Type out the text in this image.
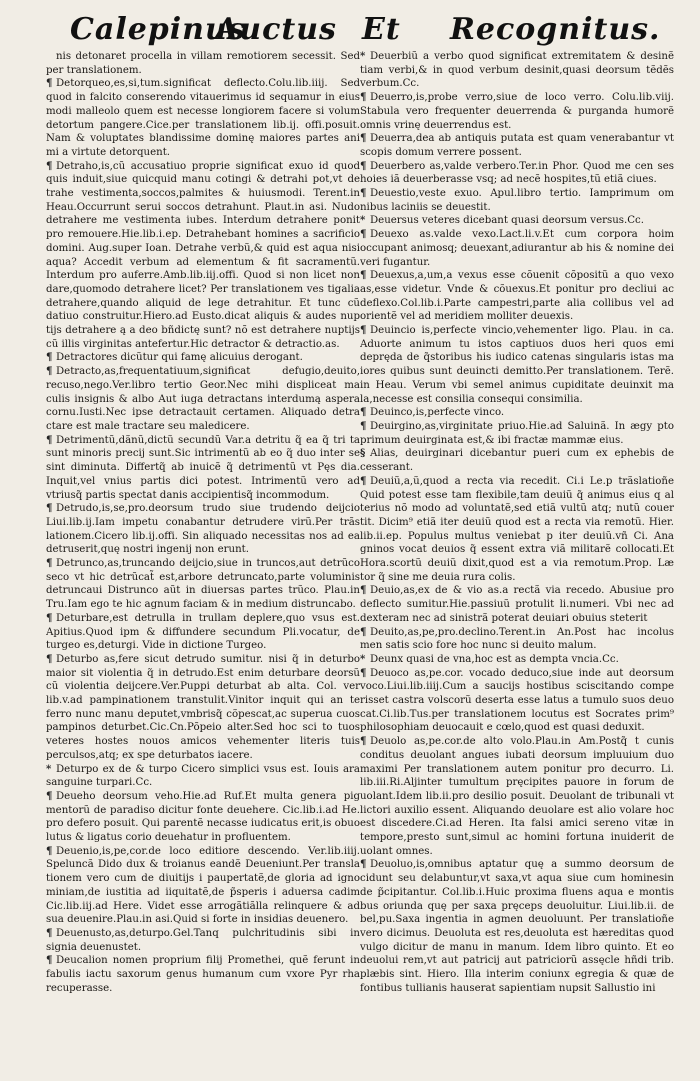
Calepinus
Auctus Et Recognitus.

nis detonaret procella in villam remotiorem secessit. Sed per translationem.

¶ Detorqueo,es,si,tum.significat deflecto.Colu.lib.iiij. Sed quod in falcito conserendo vitauerimus id sequamur in eius modi malleolo quem est necesse longiorem facere si volum detortum pangere.Cice.per translationem lib.ij. offi.posuit. Nam & voluptates blandissime dominę maiores partes ani mi a virtute detorquent.

¶ Detraho,is,cũ accusatiuo proprie significat exuo id quod quis induit,siue quicquid manu cotingi & detrahi pot,vt de trahe vestimenta,soccos,palmites & huiusmodi. Terent.in Heau.Occurrunt serui soccos detrahunt. Plaut.in asi. Nudo detrahere me vestimenta iubes. Interdum detrahere ponit pro remouere.Hie.lib.i.ep. Detrahebant homines a sacrificio domini. Aug.super Ioan. Detrahe verbũ,& quid est aqua nisi aqua? Accedit verbum ad elementum & fit sacramentũ. Interdum pro auferre.Amb.lib.iij.offi. Quod si non licet non dare,quomodo detrahere licet? Per translationem ves tigalia detrahere,quando aliquid de lege detrahitur. Et tunc cũ datiuo construitur.Hiero.ad Eusto.dicat aliquis & audes nup tijs detrahere ą a deo bñdictę sunt? nõ est detrahere nuptijs cũ illis virginitas antefertur.Hic detractor & detractio.as.

¶ Detractores dicũtur qui famę alicuius derogant.

¶ Detracto,as,frequentatiuum,significat defugio,deuito, recuso,nego.Ver.libro tertio Geor.Nec mihi displiceat ma culis insignis & albo Aut iuga detractans interdumą aspera cornu.Iusti.Nec ipse detractauit certamen. Aliquado detra ctare est male tractare seu maledicere.

¶ Detrimentũ,dãnũ,dictũ secundũ Var.a detritu q̃ ea q̃ tri ta sunt minoris precij sunt.Sic intrimentũ ab eo q̃ duo inter se sint diminuta. Differtq̃ ab inuicẽ q̃ detrimentũ vt Pęs dia. Inquit,vel vnius partis dici potest. Intrimentũ vero ad vtriusq̃ partis spectat danis accipientisq̃ incommodum.

¶ Detrudo,is,se,pro.deorsum trudo siue trudendo deijcio Liui.lib.ij.Iam impetu conabantur detrudere virũ.Per trãs lationem.Cicero lib.ij.offi. Sin aliquado necessitas nos ad ea detruserit,quę nostri ingenij non erunt.

¶ Detrunco,as,truncando deijcio,siue in truncos,aut detrũco seco vt hic detrũcat̃ est,arbore detruncato,parte voluminis detruncaui Distrunco aũt in diuersas partes trũco. Plau.in Tru.Iam ego te hic agnum faciam & in medium distruncabo.

¶ Deturbare,est detrulla in trullam deplere,quo vsus est. Apitius.Quod ipm & diffundere secundum Pli.vocatur, de turgeo es,deturgi. Vide in dictione Turgeo.

¶ Deturbo as,fere sicut detrudo sumitur. nisi q̃ in deturbo maior sit violentia q̃ in detrudo.Est enim deturbare deorsũ cũ violentia deijcere.Ver.Puppi deturbat ab alta. Col. ver lib.v.ad pampinationem transtulit.Vinitor inquit qui an te ferro nunc manu deputet,vmbrisq̃ cõpescat,ac superua cuos pampinos deturbet.Cic.Cn.Põpeio alter.Sed hoc sci to tuos veteres hostes nouos amicos vehementer literis tuis perculsos,atq; ex spe deturbatos iacere.

* Deturpo ex de & turpo Cicero simplici vsus est. Iouis ara sanguine turpari.Cc.

¶ Deueho deorsum veho.Hie.ad Ruf.Et multa genera pig mentorũ de paradiso dicitur fonte deuehere. Cic.lib.i.ad He. pro defero posuit. Qui parentẽ necasse iudicatus erit,is obuo lutus & ligatus corio deuehatur in profluentem.

¶ Deuenio,is,pe,cor.de loco editiore descendo. Ver.lib.iiij. Speluncã Dido dux & troianus eandẽ Deueniunt.Per transla tionem vero cum de diuitijs i paupertatẽ,de gloria ad igno miniam,de iustitia ad iiquitatẽ,de p̃speris i aduersa cadim Cic.lib.iij.ad Here. Videt esse arrogãtiãlla relinquere & ad sua deuenire.Plau.in asi.Quid si forte in insidias deuenero.

¶ Deuenusto,as,deturpo.Gel.Tanq pulchritudinis sibi in signia deuenustet.

¶ Deucalion nomen proprium filij Promethei, quẽ ferunt in fabulis iactu saxorum genus humanum cum vxore Pyr rha recuperasse.

* Deuerbiũ a verbo quod significat extremitatem & desinẽ tiam verbi,& in quod verbum desinit,quasi deorsum tẽdẽs verbum.Cc.

¶ Deuerro,is,probe verro,siue de loco verro. Colu.lib.viij. Stabula vero frequenter deuerrenda & purganda humorẽ omnis vrinę deuerrendus est.

¶ Deuerra,dea ab antiquis putata est quam venerabantur vt scopis domum verrere possent.

¶ Deuerbero as,valde verbero.Ter.in Phor. Quod me cen ses hoies iã deuerberasse vsq; ad necẽ hospites,tũ etiã ciues.

¶ Deuestio,veste exuo. Apul.libro tertio. Iamprimum om nibus laciniis se deuestit.

* Deuersus veteres dicebant quasi deorsum versus.Cc.

¶ Deuexo as.valde vexo.Lact.li.v.Et cum corpora hoim occupant animosq; deuexant,adiurantur ab his & nomine dei veri fugantur.

¶ Deuexus,a,um,a vexus esse cõuenit cõpositũ a quo vexo as,esse videtur. Vnde & cõuexus.Et ponitur pro decliui ac deflexo.Col.lib.i.Parte campestri,parte alia collibus vel ad orientẽ vel ad meridiem molliter deuexis.

¶ Deuincio is,perfecte vincio,vehementer ligo. Plau. in ca. Aduorte animum tu istos captiuos duos heri quos emi depręda de q̃storibus his iudico catenas singularis istas ma iores quibus sunt deuincti demitto.Per translationem. Terẽ. in Heau. Verum vbi semel animus cupiditate deuinxit ma la,necesse est consilia consequi consimilia.

¶ Deuinco,is,perfecte vinco.

¶ Deuirgino,as,virginitate priuo.Hie.ad Saluinã. In ægy pto primum deuirginata est,& ibi fractæ mammæ eius.

§ Alias, deuirginari dicebantur pueri cum ex ephebis de cesserant.

¶ Deuiũ,a,ũ,quod a recta via recedit. Ci.i Le.p trãslatioñe Quid potest esse tam flexibile,tam deuiũ q̃ animus eius q al terius nõ modo ad voluntatẽ,sed etiã vultũ atq; nutũ couer tit. Dicim⁹ etiã iter deuiũ quod est a recta via remotũ. Hier. lib.ii.ep. Populus multus veniebat p iter deuiũ.vñ Ci. Ana gninos vocat deuios q̃ essent extra viã militarẽ collocati.Et Hora.scortũ deuiũ dixit,quod est a via remotum.Prop. Læ tor q̃ sine me deuia rura colis.

¶ Deuio,as,ex de & vio as.a rectã via recedo. Abusiue pro deflecto sumitur.Hie.passiuũ protulit li.numeri. Vbi nec ad dexteram nec ad sinistrã poterat deuiari obuius steterit

¶ Deuito,as,pe,pro.declino.Terent.in An.Post hac incolus men satis scio fore hoc nunc si deuito malum.

* Deunx quasi de vna,hoc est as dempta vncia.Cc.

¶ Deuoco as,pe.cor. vocado deduco,siue inde aut deorsum voco.Liui.lib.iiij.Cum a saucijs hostibus sciscitando compe risset castra volscorũ deserta esse latus a tumulo suos deuo cat.Ci.lib.Tus.per translationem locutus est Socrates prim⁹ philosophiam deuocauit e cœlo,quod est quasi deduxit.

¶ Deuolo as,pe.cor.de alto volo.Plau.in Am.Postq̃ t cunis conditus deuolant angues iubati deorsum impluuium duo maximi Per translationem autem ponitur pro decurro. Li. lib.iii.Ri.Aljinter tumultum pręcipites pauore in forum de uolant.Idem lib.ii.pro desilio posuit. Deuolant de tribunali vt lictori auxilio essent. Aliquando deuolare est alio volare hoc est discedere.Ci.ad Heren. Ita falsi amici sereno vitæ in tempore,presto sunt,simul ac homini fortuna inuiderit de uolant omnes.

¶ Deuoluo,is,omnibus aptatur quę a summo deorsum de cidunt seu delabuntur,vt saxa,vt aqua siue cum hominesin de p̃cipitantur. Col.lib.i.Huic proxima fluens aqua e montis bus oriunda quę per saxa pręceps deuoluitur. Liui.lib.ii. de bel,pu.Saxa ingentia in agmen deuoluunt. Per translatioñe vero dicimus. Deuoluta est res,deuoluta est hæreditas quod vulgo dicitur de manu in manum. Idem libro quinto. Et eo deuolui rem,vt aut patricij aut patriciorũ assęcle hñdi trib. plæbis sint. Hiero. Illa interim coniunx egregia & quæ de fontibus tullianis hauserat sapientiam nupsit Sallustio ini
